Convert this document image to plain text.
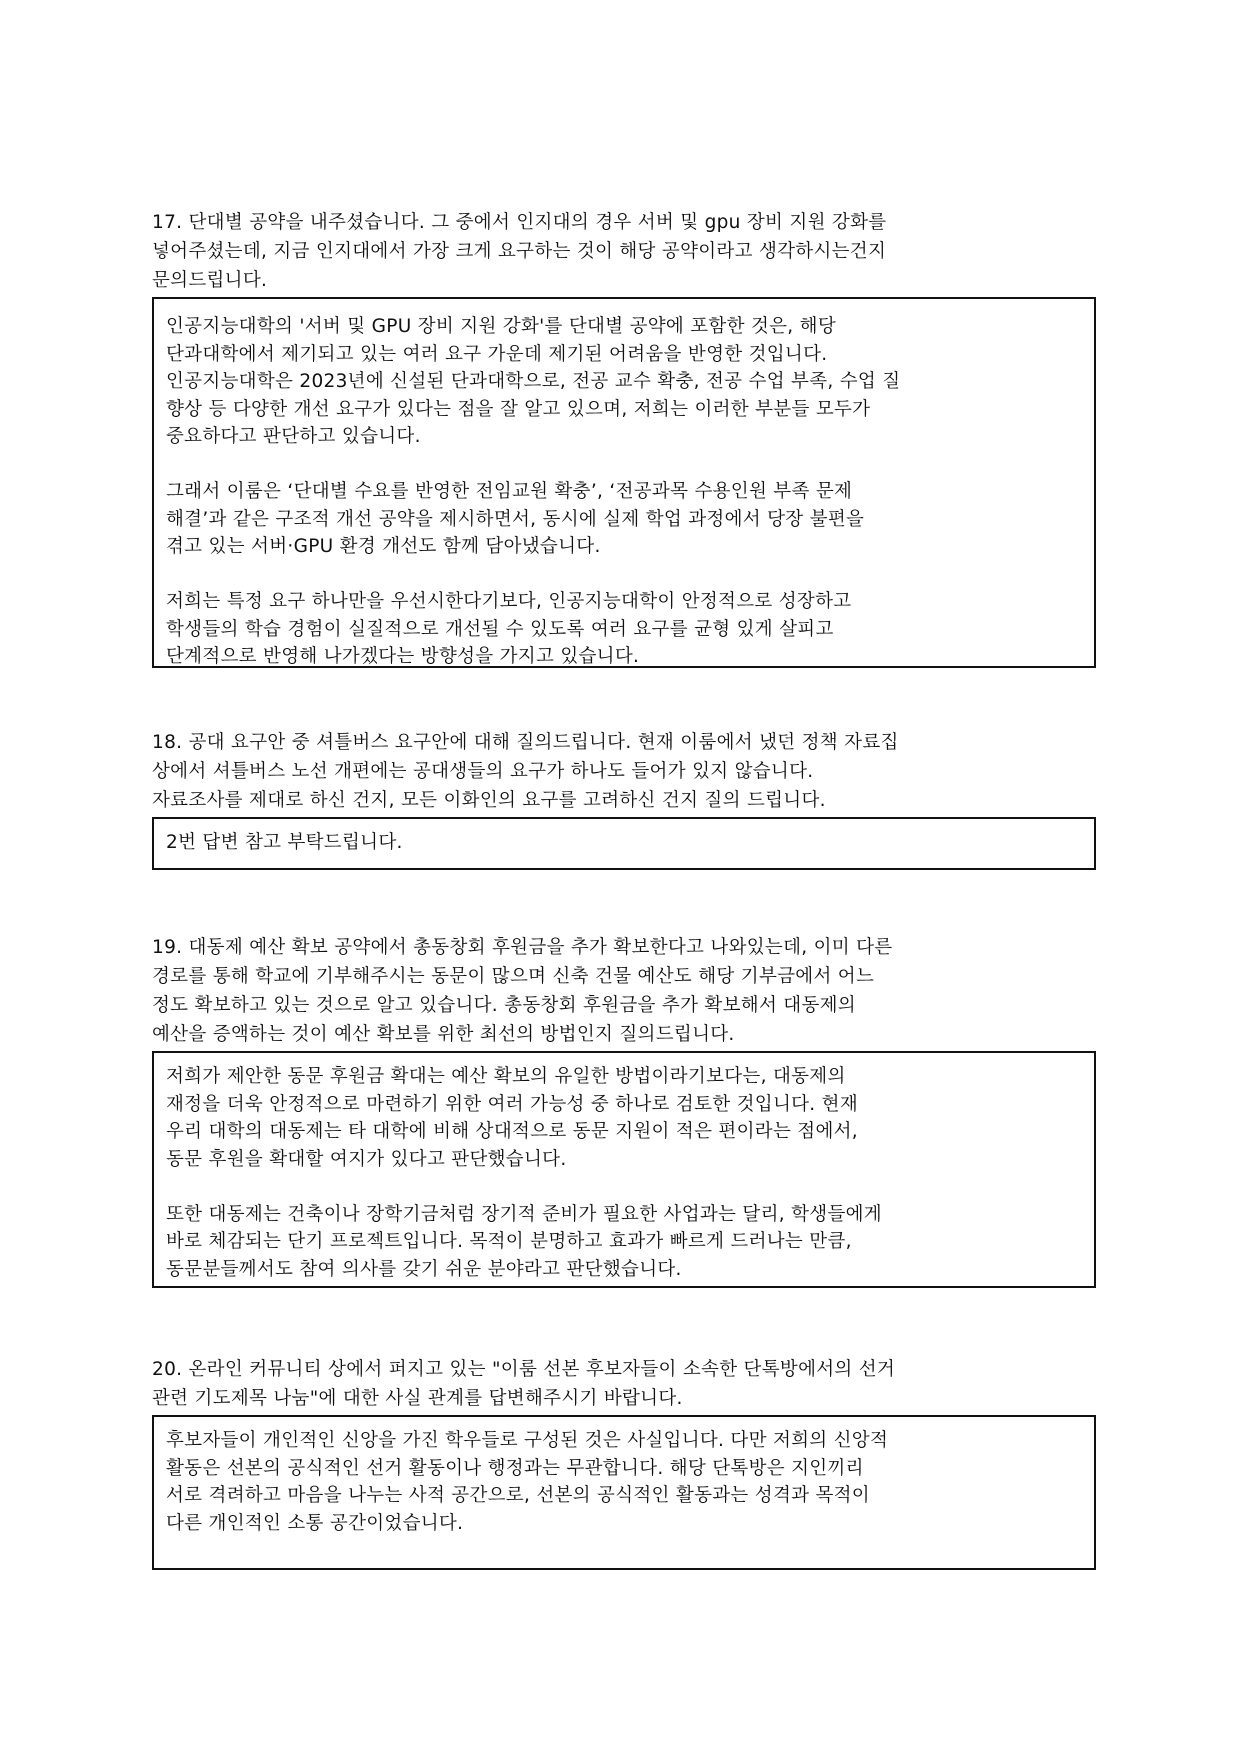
17. 단대별 공약을 내주셨습니다. 그 중에서 인지대의 경우 서버 및 gpu 장비 지원 강화를
넣어주셨는데, 지금 인지대에서 가장 크게 요구하는 것이 해당 공약이라고 생각하시는건지
문의드립니다.
인공지능대학의 '서버 및 GPU 장비 지원 강화'를 단대별 공약에 포함한 것은, 해당
단과대학에서 제기되고 있는 여러 요구 가운데 제기된 어려움을 반영한 것입니다.
인공지능대학은 2023년에 신설된 단과대학으로, 전공 교수 확충, 전공 수업 부족, 수업 질
향상 등 다양한 개선 요구가 있다는 점을 잘 알고 있으며, 저희는 이러한 부분들 모두가
중요하다고 판단하고 있습니다.
그래서 이룸은 ‘단대별 수요를 반영한 전임교원 확충’, ‘전공과목 수용인원 부족 문제
해결’과 같은 구조적 개선 공약을 제시하면서, 동시에 실제 학업 과정에서 당장 불편을
겪고 있는 서버·GPU 환경 개선도 함께 담아냈습니다.
저희는 특정 요구 하나만을 우선시한다기보다, 인공지능대학이 안정적으로 성장하고
학생들의 학습 경험이 실질적으로 개선될 수 있도록 여러 요구를 균형 있게 살피고
단계적으로 반영해 나가겠다는 방향성을 가지고 있습니다.
18. 공대 요구안 중 셔틀버스 요구안에 대해 질의드립니다. 현재 이룸에서 냈던 정책 자료집
상에서 셔틀버스 노선 개편에는 공대생들의 요구가 하나도 들어가 있지 않습니다.
자료조사를 제대로 하신 건지, 모든 이화인의 요구를 고려하신 건지 질의 드립니다.
2번 답변 참고 부탁드립니다.
19. 대동제 예산 확보 공약에서 총동창회 후원금을 추가 확보한다고 나와있는데, 이미 다른
경로를 통해 학교에 기부해주시는 동문이 많으며 신축 건물 예산도 해당 기부금에서 어느
정도 확보하고 있는 것으로 알고 있습니다. 총동창회 후원금을 추가 확보해서 대동제의
예산을 증액하는 것이 예산 확보를 위한 최선의 방법인지 질의드립니다.
저희가 제안한 동문 후원금 확대는 예산 확보의 유일한 방법이라기보다는, 대동제의
재정을 더욱 안정적으로 마련하기 위한 여러 가능성 중 하나로 검토한 것입니다. 현재
우리 대학의 대동제는 타 대학에 비해 상대적으로 동문 지원이 적은 편이라는 점에서,
동문 후원을 확대할 여지가 있다고 판단했습니다.
또한 대동제는 건축이나 장학기금처럼 장기적 준비가 필요한 사업과는 달리, 학생들에게
바로 체감되는 단기 프로젝트입니다. 목적이 분명하고 효과가 빠르게 드러나는 만큼,
동문분들께서도 참여 의사를 갖기 쉬운 분야라고 판단했습니다.
20. 온라인 커뮤니티 상에서 퍼지고 있는 "이룸 선본 후보자들이 소속한 단톡방에서의 선거
관련 기도제목 나눔"에 대한 사실 관계를 답변해주시기 바랍니다.
후보자들이 개인적인 신앙을 가진 학우들로 구성된 것은 사실입니다. 다만 저희의 신앙적
활동은 선본의 공식적인 선거 활동이나 행정과는 무관합니다. 해당 단톡방은 지인끼리
서로 격려하고 마음을 나누는 사적 공간으로, 선본의 공식적인 활동과는 성격과 목적이
다른 개인적인 소통 공간이었습니다.
